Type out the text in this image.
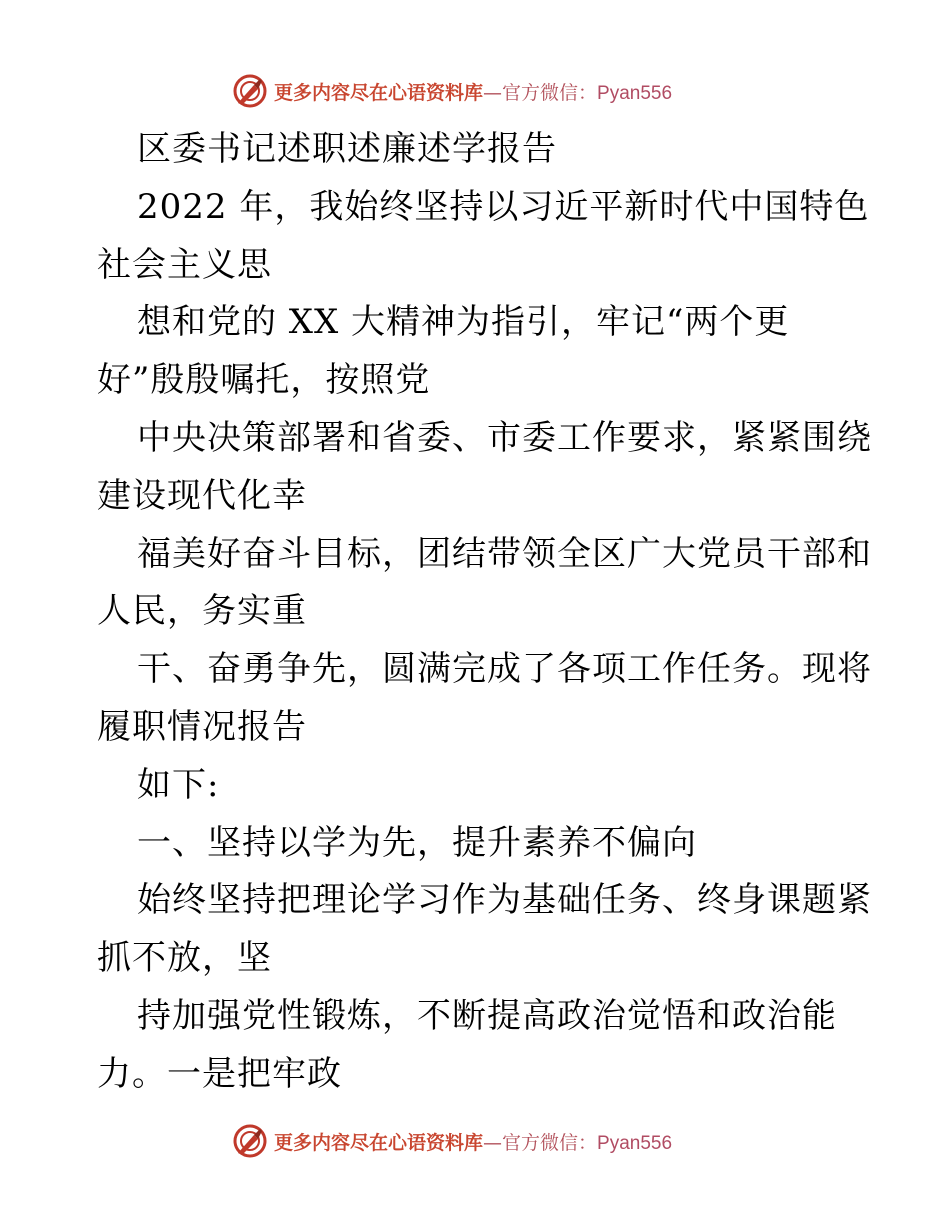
更多内容尽在心语资料库—官方微信：Pyan556
区委书记述职述廉述学报告
2022 年，我始终坚持以习近平新时代中国特色
社会主义思
想和党的 XX 大精神为指引，牢记“两个更
好”殷殷嘱托，按照党
中央决策部署和省委、市委工作要求，紧紧围绕
建设现代化幸
福美好奋斗目标，团结带领全区广大党员干部和
人民，务实重
干、奋勇争先，圆满完成了各项工作任务。现将
履职情况报告
如下:
一、坚持以学为先，提升素养不偏向
始终坚持把理论学习作为基础任务、终身课题紧
抓不放，坚
持加强党性锻炼，不断提高政治觉悟和政治能
力。一是把牢政
更多内容尽在心语资料库—官方微信：Pyan556
